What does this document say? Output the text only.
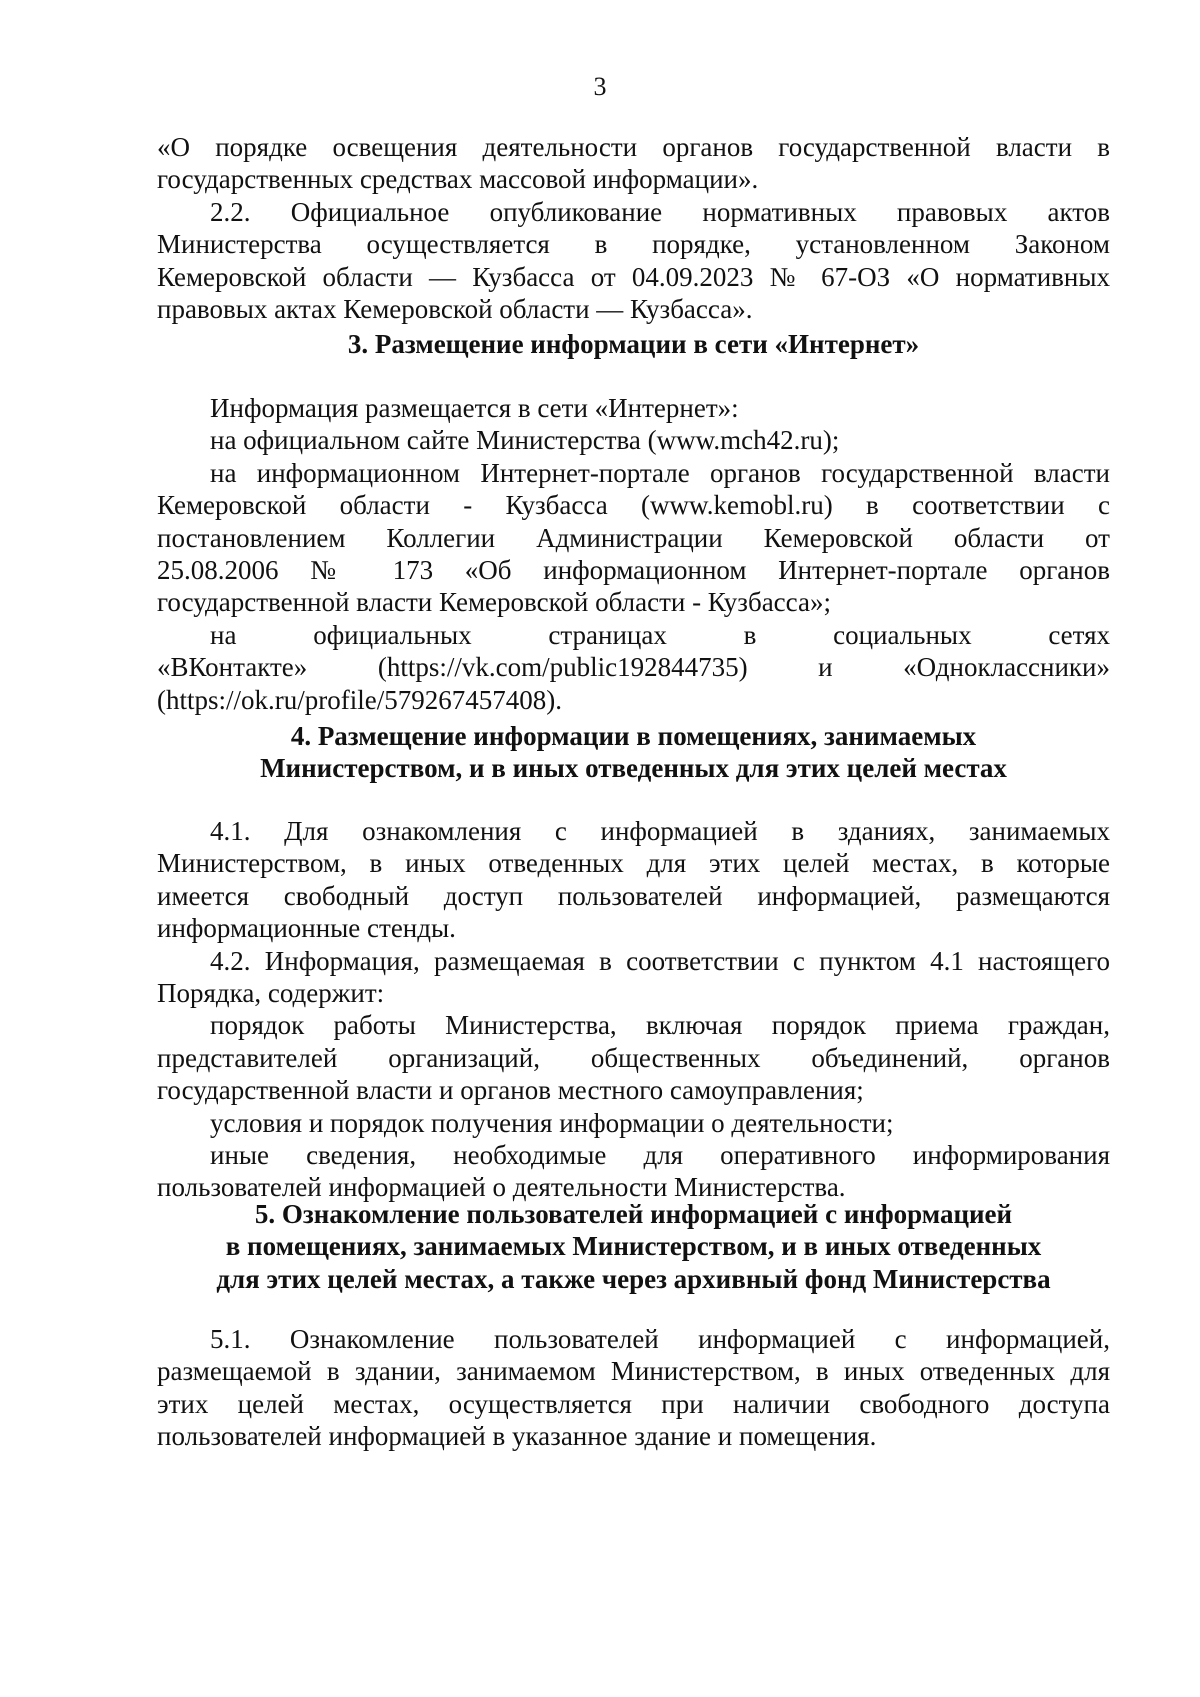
3

«О порядке освещения деятельности органов государственной власти в
государственных средствах массовой информации».

2.2. Официальное опубликование нормативных правовых актов
Министерства осуществляется в порядке, установленном Законом
Кемеровской области — Кузбасса от 04.09.2023 № 67-ОЗ «О нормативных
правовых актах Кемеровской области — Кузбасса».

3. Размещение информации в сети «Интернет»
Информация размещается в сети «Интернет»:
на официальном сайте Министерства (www.mch42.ru);
на информационном Интернет-портале органов государственной власти
Кемеровской области - Кузбасса (www.kemobl.ru) в соответствии с
постановлением Коллегии Администрации Кемеровской области от
25.08.2006 № 173 «Об информационном Интернет-портале органов
государственной власти Кемеровской области - Кузбасса»;
на официальных страницах в социальных сетях
«ВКонтакте» (https://vk.com/public192844735) и «Одноклассники»
(https://ok.ru/profile/579267457408).
4. Размещение информации в помещениях, занимаемых
Министерством, и в иных отведенных для этих целей местах
4.1. Для ознакомления с информацией в зданиях, занимаемых
Министерством, в иных отведенных для этих целей местах, в которые
имеется свободный доступ пользователей информацией, размещаются
информационные стенды.
4.2. Информация, размещаемая в соответствии с пунктом 4.1 настоящего
Порядка, содержит:
порядок работы Министерства, включая порядок приема граждан,
представителей организаций, общественных объединений, органов
государственной власти и органов местного самоуправления;
условия и порядок получения информации о деятельности;
иные сведения, необходимые для оперативного информирования
пользователей информацией о деятельности Министерства.
5. Ознакомление пользователей информацией с информацией
в помещениях, занимаемых Министерством, и в иных отведенных
для этих целей местах, а также через архивный фонд Министерства
5.1. Ознакомление пользователей информацией с информацией,
размещаемой в здании, занимаемом Министерством, в иных отведенных для
этих целей местах, осуществляется при наличии свободного доступа
пользователей информацией в указанное здание и помещения.
